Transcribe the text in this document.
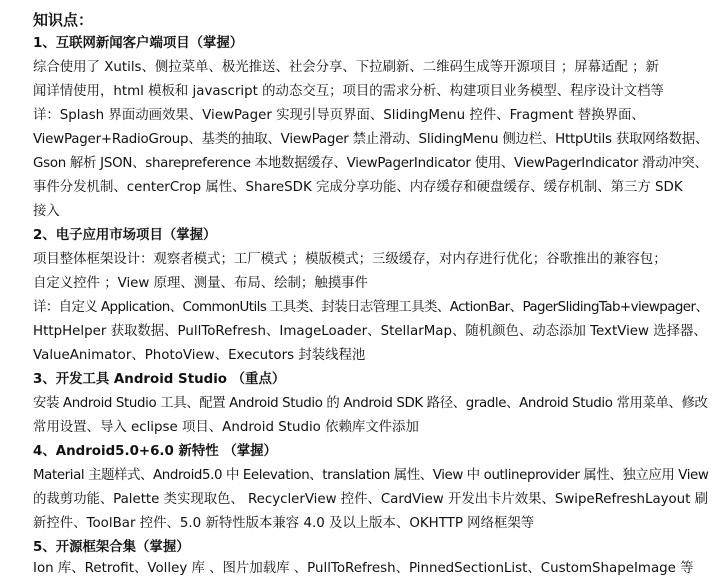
知识点：
1、互联网新闻客户端项目（掌握）
综合使用了 Xutils、侧拉菜单、极光推送、社会分享、下拉刷新、二维码生成等开源项目 ；屏幕适配 ；新
闻详情使用，html 模板和 javascript 的动态交互；项目的需求分析、构建项目业务模型、程序设计文档等
详：Splash 界面动画效果、ViewPager 实现引导页界面、SlidingMenu 控件、Fragment 替换界面、
ViewPager+RadioGroup、基类的抽取、ViewPager 禁止滑动、SlidingMenu 侧边栏、HttpUtils 获取网络数据、
Gson 解析 JSON、sharepreference 本地数据缓存、ViewPagerIndicator 使用、ViewPagerIndicator 滑动冲突、
事件分发机制、centerCrop 属性、ShareSDK 完成分享功能、内存缓存和硬盘缓存、缓存机制、第三方 SDK
接入
2、电子应用市场项目（掌握）
项目整体框架设计：观察者模式；工厂模式 ；模版模式；三级缓存，对内存进行优化；谷歌推出的兼容包；
自定义控件 ；View 原理、测量、布局、绘制；触摸事件
详：自定义 Application、CommonUtils 工具类、封装日志管理工具类、ActionBar、PagerSlidingTab+viewpager、
HttpHelper 获取数据、PullToRefresh、ImageLoader、StellarMap、随机颜色、动态添加 TextView 选择器、
ValueAnimator、PhotoView、Executors 封装线程池
3、开发工具 Android Studio （重点）
安装 Android Studio 工具、配置 Android Studio 的 Android SDK 路径、gradle、Android Studio 常用菜单、修改
常用设置、导入 eclipse 项目、Android Studio 依赖库文件添加
4、Android5.0+6.0 新特性 （掌握）
Material 主题样式、Android5.0 中 Eelevation、translation 属性、View 中 outlineprovider 属性、独立应用 View
的裁剪功能、Palette 类实现取色、 RecyclerView 控件、CardView 开发出卡片效果、SwipeRefreshLayout 刷
新控件、ToolBar 控件、5.0 新特性版本兼容 4.0 及以上版本、OKHTTP 网络框架等
5、开源框架合集（掌握）
Ion 库、Retrofit、Volley 库 、图片加载库 、PullToRefresh、PinnedSectionList、CustomShapeImage 等
